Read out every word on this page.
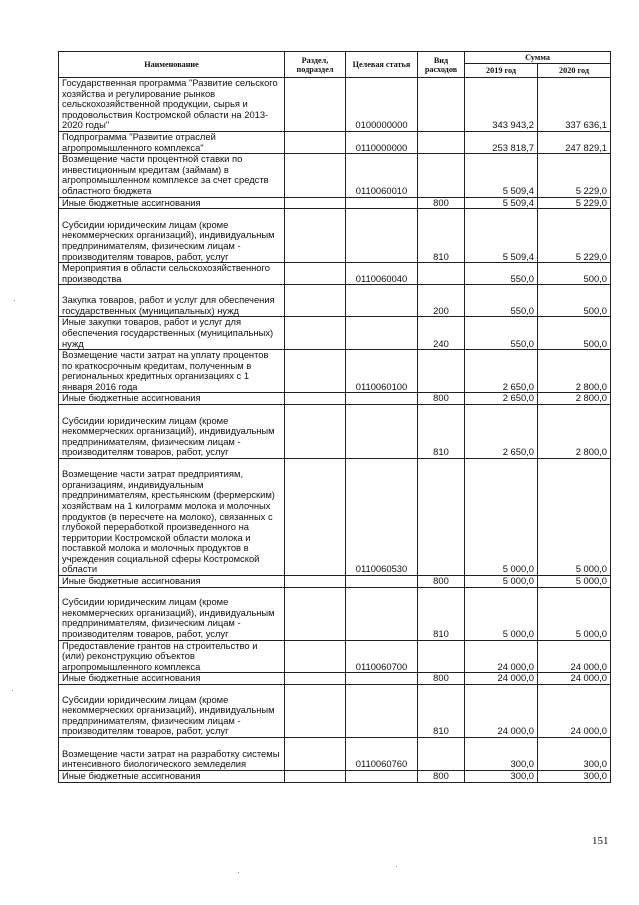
Наименование	Раздел, подраздел	Целевая статья	Вид расходов	Сумма	
				2019 год	2020 год
Государственная программа "Развитие сельского хозяйства и регулирование рынков сельскохозяйственной продукции, сырья и продовольствия Костромской области на 2013-2020 годы"		0100000000		343 943,2	337 636,1
Подпрограмма "Развитие отраслей агропромышленного комплекса"		0110000000		253 818,7	247 829,1
Возмещение части процентной ставки по инвестиционным кредитам (займам) в агропромышленном комплексе за счет средств областного бюджета		0110060010		5 509,4	5 229,0
Иные бюджетные ассигнования			800	5 509,4	5 229,0
Субсидии юридическим лицам (кроме некоммерческих организаций), индивидуальным предпринимателям, физическим лицам - производителям товаров, работ, услуг			810	5 509,4	5 229,0
Мероприятия в области сельскохозяйственного производства		0110060040		550,0	500,0
Закупка товаров, работ и услуг для обеспечения государственных (муниципальных) нужд			200	550,0	500,0
Иные закупки товаров, работ и услуг для обеспечения государственных (муниципальных) нужд			240	550,0	500,0
Возмещение части затрат на уплату процентов по краткосрочным кредитам, полученным в региональных кредитных организациях с 1 января 2016 года		0110060100		2 650,0	2 800,0
Иные бюджетные ассигнования			800	2 650,0	2 800,0
Субсидии юридическим лицам (кроме некоммерческих организаций), индивидуальным предпринимателям, физическим лицам - производителям товаров, работ, услуг			810	2 650,0	2 800,0
Возмещение части затрат предприятиям, организациям, индивидуальным предпринимателям, крестьянским (фермерским) хозяйствам на 1 килограмм молока и молочных продуктов (в пересчете на молоко), связанных с глубокой переработкой произведенного на территории Костромской области молока и поставкой молока и молочных продуктов в учреждения социальной сферы Костромской области		0110060530		5 000,0	5 000,0
Иные бюджетные ассигнования			800	5 000,0	5 000,0
Субсидии юридическим лицам (кроме некоммерческих организаций), индивидуальным предпринимателям, физическим лицам - производителям товаров, работ, услуг			810	5 000,0	5 000,0
Предоставление грантов на строительство и (или) реконструкцию объектов агропромышленного комплекса		0110060700		24 000,0	24 000,0
Иные бюджетные ассигнования			800	24 000,0	24 000,0
Субсидии юридическим лицам (кроме некоммерческих организаций), индивидуальным предпринимателям, физическим лицам - производителям товаров, работ, услуг			810	24 000,0	24 000,0
Возмещение части затрат на разработку системы интенсивного биологического земледелия		0110060760		300,0	300,0
Иные бюджетные ассигнования			800	300,0	300,0
151
